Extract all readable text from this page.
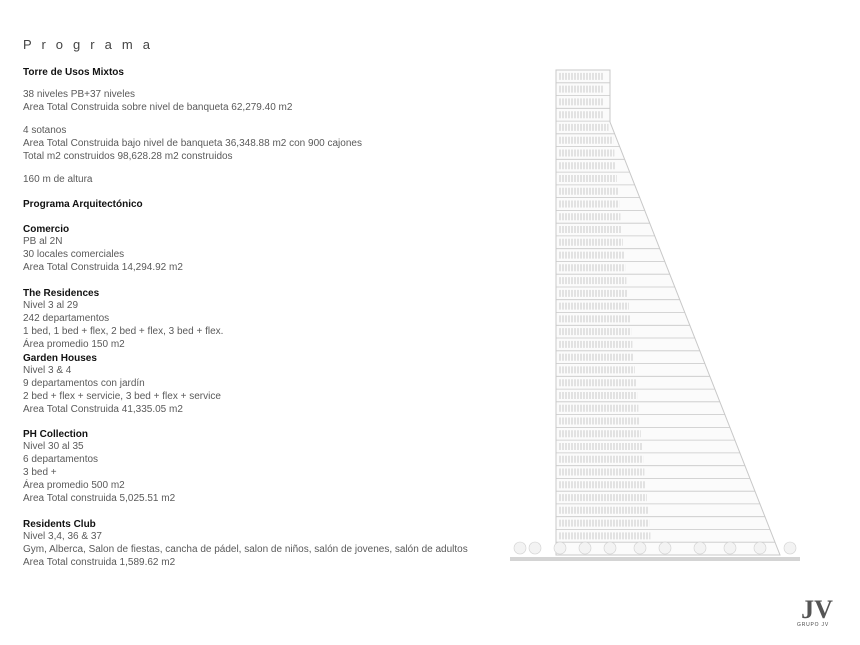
P r o g r a m a
Torre de Usos Mixtos
38 niveles PB+37 niveles
Area Total Construida sobre nivel de banqueta 62,279.40 m2
4 sotanos
Area Total Construida bajo nivel de banqueta 36,348.88 m2 con 900 cajones
Total m2 construidos 98,628.28 m2 construidos
160 m de altura
Programa Arquitectónico
Comercio
PB al 2N
30 locales comerciales
Area Total Construida 14,294.92 m2
The Residences
Nivel 3 al 29
242 departamentos
1 bed, 1 bed + flex, 2 bed + flex, 3 bed + flex.
Área promedio 150 m2
Garden Houses
Nivel 3 & 4
9 departamentos con jardín
2 bed + flex + servicie, 3 bed + flex + service
Area Total Construida 41,335.05 m2
PH Collection
Nivel 30 al 35
6 departamentos
3 bed +
Área promedio 500 m2
Area Total construida 5,025.51 m2
Residents Club
Nivel 3,4, 36 & 37
Gym, Alberca, Salon de fiestas, cancha de pádel, salon de niños, salón de jovenes, salón de adultos
Area Total construida 1,589.62 m2
JV
GRUPO JV
